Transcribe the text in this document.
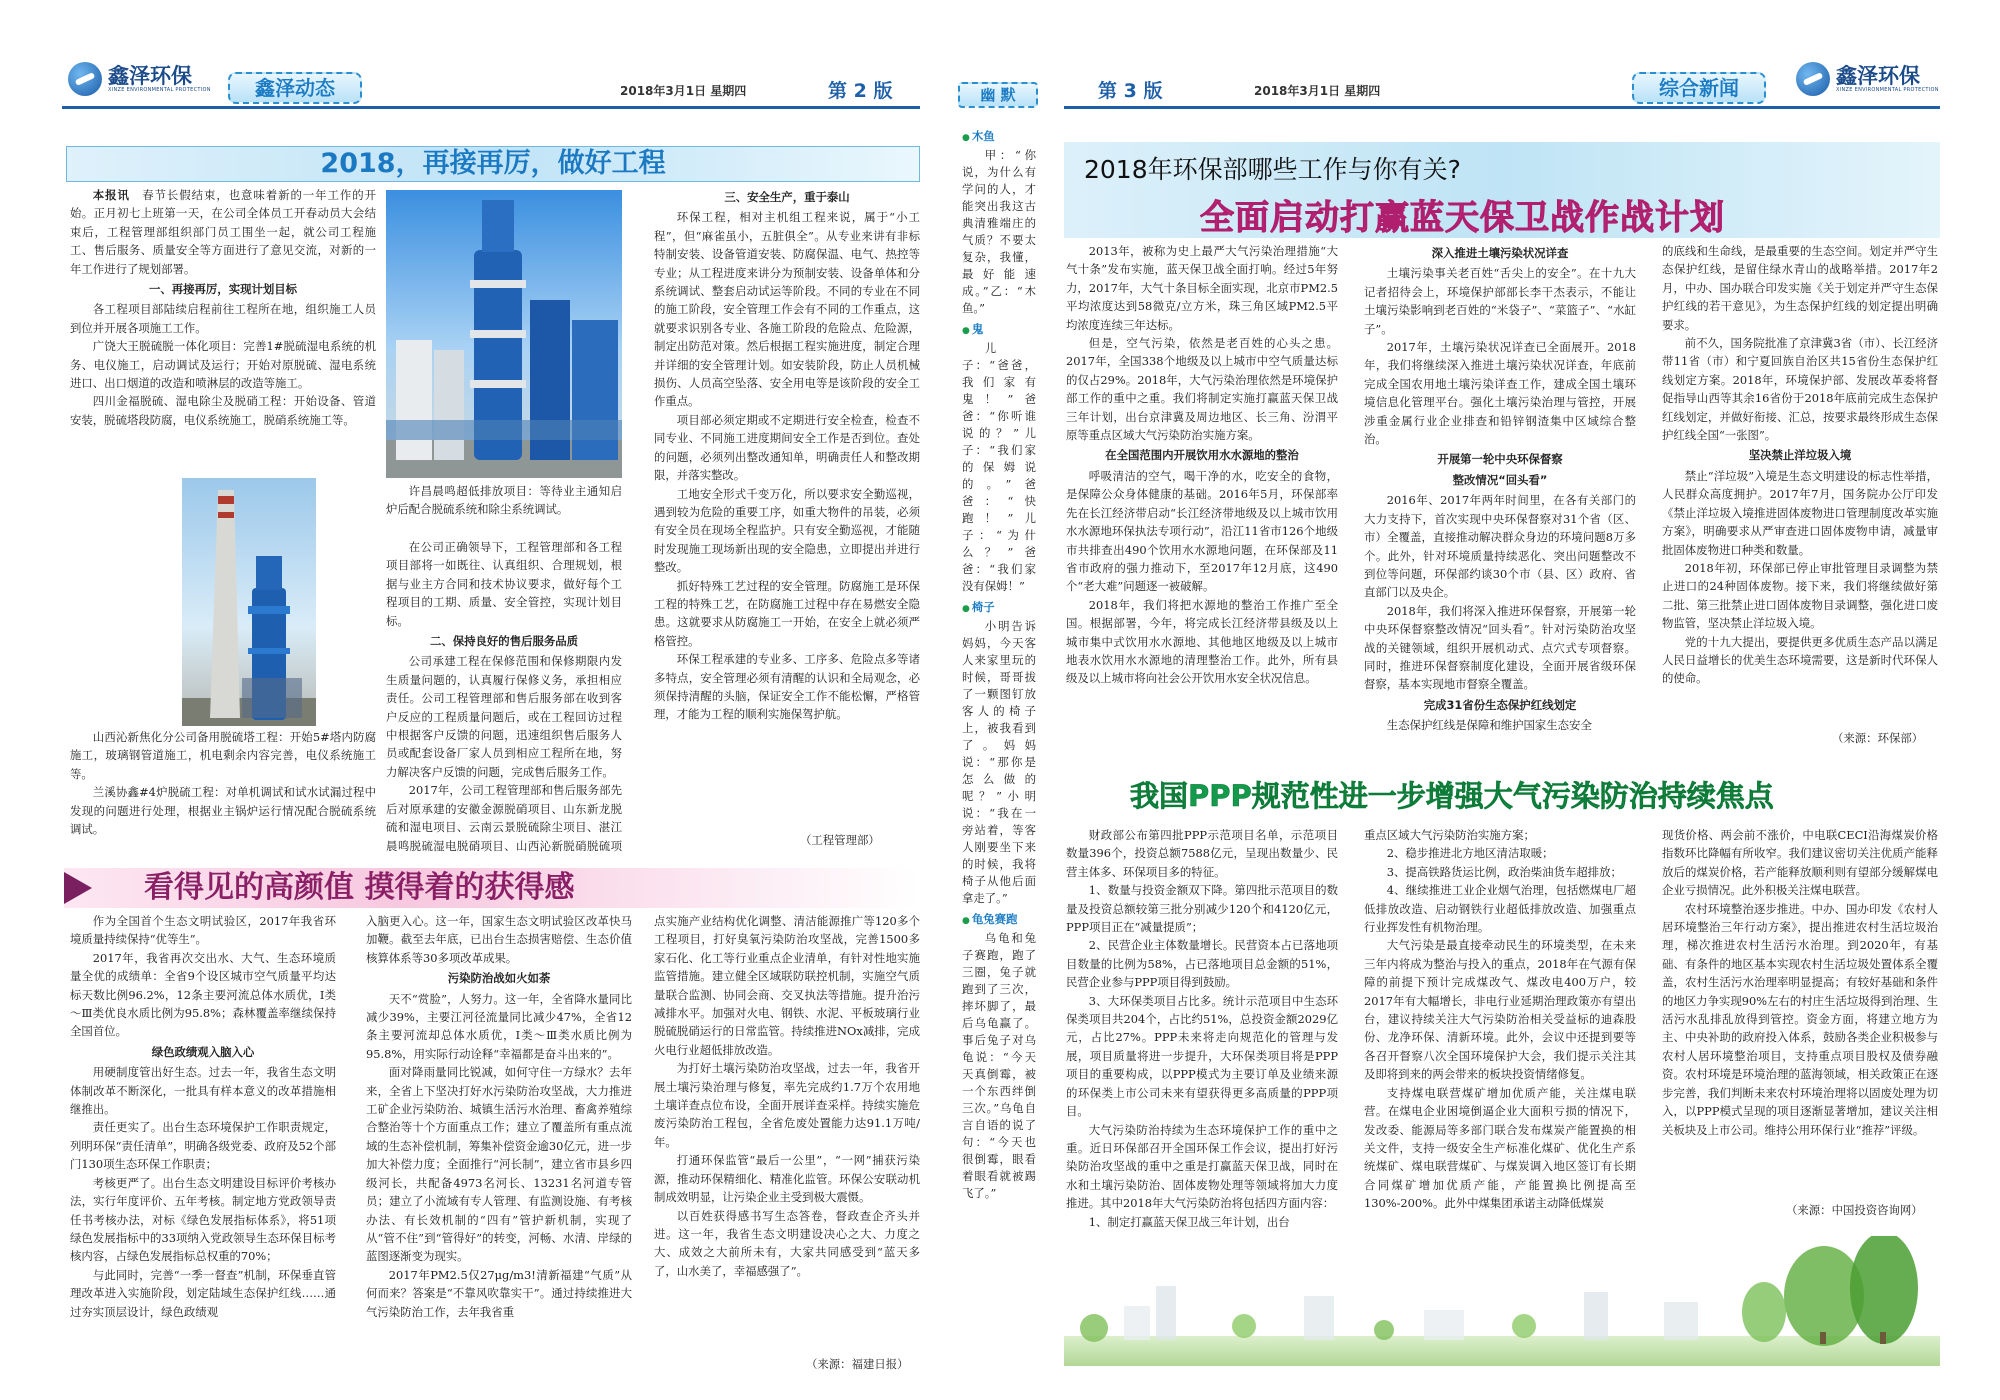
鑫泽环保
XINZE ENVIRONMENTAL PROTECTION	鑫泽动态	2018年3月1日 星期四	第 2 版
2018，再接再厉，做好工程

本报讯　 春节长假结束，也意味着新的一年工作的开始。正月初七上班第一天，在公司全体员工开春动员大会结束后，工程管理部组织部门员工围坐一起，就公司工程施工、售后服务、质量安全等方面进行了意见交流，对新的一年工作进行了规划部署。

一、再接再厉，实现计划目标

各工程项目部陆续启程前往工程所在地，组织施工人员到位并开展各项施工工作。

广饶大王脱硫脱一体化项目：完善1#脱硫湿电系统的机务、电仪施工，启动调试及运行；开始对原脱硫、湿电系统进口、出口烟道的改造和喷淋层的改造等施工。

四川金福脱硫、湿电除尘及脱硝工程：开始设备、管道安装，脱硫塔段防腐，电仪系统施工，脱硝系统施工等。

山西沁新焦化分公司备用脱硫塔工程：开始5#塔内防腐施工，玻璃钢管道施工，机电剩余内容完善，电仪系统施工等。

兰溪协鑫#4炉脱硫工程：对单机调试和试水试漏过程中发现的问题进行处理，根据业主锅炉运行情况配合脱硫系统调试。

许昌晨鸣超低排放项目：等待业主通知启炉后配合脱硫系统和除尘系统调试。

在公司正确领导下，工程管理部和各工程项目部将一如既往、认真组织、合理规划，根据与业主方合同和技术协议要求，做好每个工程项目的工期、质量、安全管控，实现计划目标。

二、保持良好的售后服务品质

公司承建工程在保修范围和保修期限内发生质量问题的，认真履行保修义务，承担相应责任。公司工程管理部和售后服务部在收到客户反应的工程质量问题后，或在工程回访过程中根据客户反馈的问题，迅速组织售后服务人员或配套设备厂家人员到相应工程所在地，努力解决客户反馈的问题，完成售后服务工作。

2017年，公司工程管理部和售后服务部先后对原承建的安徽金源脱硝项目、山东新龙脱硫和湿电项目、云南云景脱硫除尘项目、湛江晨鸣脱硫湿电脱硝项目、山西沁新脱硝脱硫项

三、安全生产，重于泰山

环保工程，相对主机组工程来说，属于“小工程”，但“麻雀虽小，五脏俱全”。从专业来讲有非标特制安装、设备管道安装、防腐保温、电气、热控等专业；从工程进度来讲分为预制安装、设备单体和分系统调试、整套启动试运等阶段。不同的专业在不同的施工阶段，安全管理工作会有不同的工作重点，这就要求识别各专业、各施工阶段的危险点、危险源，制定出防范对策。然后根据工程实施进度，制定合理并详细的安全管理计划。如安装阶段，防止人员机械损伤、人员高空坠落、安全用电等是该阶段的安全工作重点。

项目部必须定期或不定期进行安全检查，检查不同专业、不同施工进度期间安全工作是否到位。查处的问题，必须列出整改通知单，明确责任人和整改期限，并落实整改。

工地安全形式千变万化，所以要求安全勤巡视，遇到较为危险的重要工序，如重大物件的吊装，必须有安全员在现场全程监护。只有安全勤巡视，才能随时发现施工现场新出现的安全隐患，立即提出并进行整改。

抓好特殊工艺过程的安全管理。防腐施工是环保工程的特殊工艺，在防腐施工过程中存在易燃安全隐患。这就要求从防腐施工一开始，在安全上就必须严格管控。

环保工程承建的专业多、工序多、危险点多等诸多特点，安全管理必须有清醒的认识和全局观念，必须保持清醒的头脑，保证安全工作不能松懈，严格管理，才能为工程的顺利实施保驾护航。

（工程管理部）
看得见的高颜值 摸得着的获得感

作为全国首个生态文明试验区，2017年我省环境质量持续保持“优等生”。

2017年，我省再次交出水、大气、生态环境质量全优的成绩单：全省9个设区城市空气质量平均达标天数比例96.2%，12条主要河流总体水质优，Ⅰ类～Ⅲ类优良水质比例为95.8%；森林覆盖率继续保持全国首位。

绿色政绩观入脑入心

用硬制度管出好生态。过去一年，我省生态文明体制改革不断深化，一批具有样本意义的改革措施相继推出。

责任更实了。出台生态环境保护工作职责规定，列明环保“责任清单”，明确各级党委、政府及52个部门130项生态环保工作职责；

考核更严了。出台生态文明建设目标评价考核办法，实行年度评价、五年考核。制定地方党政领导责任书考核办法，对标《绿色发展指标体系》，将51项绿色发展指标中的33项纳入党政领导生态环保目标考核内容，占绿色发展指标总权重的70%；

与此同时，完善“一季一督查”机制，环保垂直管理改革进入实施阶段，划定陆域生态保护红线……通过夯实顶层设计，绿色政绩观

入脑更入心。这一年，国家生态文明试验区改革快马加鞭。截至去年底，已出台生态损害赔偿、生态价值核算体系等30多项改革成果。

污染防治战如火如荼

天不“赏脸”，人努力。这一年，全省降水量同比减少39%，主要江河径流量同比减少47%，全省12条主要河流却总体水质优，Ⅰ类～Ⅲ类水质比例为95.8%，用实际行动诠释“幸福都是奋斗出来的”。

面对降雨量同比锐减，如何守住一方绿水？去年来，全省上下坚决打好水污染防治攻坚战，大力推进工矿企业污染防治、城镇生活污水治理、畜禽养殖综合整治等十个方面重点工作；建立了覆盖所有重点流域的生态补偿机制，筹集补偿资金逾30亿元，进一步加大补偿力度；全面推行“河长制”，建立省市县乡四级河长，共配备4973名河长、13231名河道专管员；建立了小流域有专人管理、有监测设施、有考核办法、有长效机制的“四有”管护新机制，实现了从“管不住”到“管得好”的转变，河畅、水清、岸绿的蓝图逐渐变为现实。

2017年PM2.5仅27μg/m3!清新福建“气质”从何而来？答案是“不靠风吹靠实干”。通过持续推进大气污染防治工作，去年我省重

点实施产业结构优化调整、清洁能源推广等120多个工程项目，打好臭氧污染防治攻坚战，完善1500多家石化、化工等行业重点企业清单，有针对性地实施监管措施。建立健全区域联防联控机制，实施空气质量联合监测、协同会商、交叉执法等措施。提升治污减排水平。加强对火电、钢铁、水泥、平板玻璃行业脱硫脱硝运行的日常监管。持续推进NOx减排，完成火电行业超低排放改造。

为打好土壤污染防治攻坚战，过去一年，我省开展土壤污染治理与修复，率先完成约1.7万个农用地土壤详查点位布设，全面开展详查采样。持续实施危废污染防治工程包，全省危废处置能力达91.1万吨/年。

打通环保监管“最后一公里”，“一网”捕获污染源，推动环保精细化、精准化监管。环保公安联动机制成效明显，让污染企业主受到极大震慑。

以百姓获得感书写生态答卷，督政查企齐头并进。这一年，我省生态文明建设决心之大、力度之大、成效之大前所未有，大家共同感受到“蓝天多了，山水美了，幸福感强了”。

（来源：福建日报）
幽 默
● 木鱼
甲：“你说，为什么有学问的人，才能突出我这古典清雅端庄的气质？不要太复杂，我懂，最好能速成。”乙：“木鱼。”
● 鬼
儿子：“爸爸，我们家有鬼！”爸爸：“你听谁说的？”儿子：“我们家的保姆说的。”爸爸：“快跑！”儿子：“为什么？”爸爸：“我们家没有保姆！”
● 椅子
小明告诉妈妈，今天客人来家里玩的时候，哥哥拔了一颗图钉放客人的椅子上，被我看到了。妈妈说：“那你是怎么做的呢？”小明说：“我在一旁站着，等客人刚要坐下来的时候，我将椅子从他后面拿走了。”
● 龟兔赛跑
乌龟和兔子赛跑，跑了三圈，兔子就跑到了三次，摔坏脚了，最后乌龟赢了。事后兔子对乌龟说：“今天天真倒霉，被一个东西绊倒三次。”乌龟自言自语的说了句：“今天也很倒霉，眼看着眼看就被踢飞了。”
第 3 版	2018年3月1日 星期四	综合新闻	鑫泽环保
XINZE ENVIRONMENTAL PROTECTION
2018年环保部哪些工作与你有关?
全面启动打赢蓝天保卫战作战计划

2013年，被称为史上最严大气污染治理措施“大气十条”发布实施，蓝天保卫战全面打响。经过5年努力，2017年，大气十条目标全面实现，北京市PM2.5平均浓度达到58微克/立方米，珠三角区域PM2.5平均浓度连续三年达标。

但是，空气污染，依然是老百姓的心头之患。2017年，全国338个地级及以上城市中空气质量达标的仅占29%。2018年，大气污染治理依然是环境保护部工作的重中之重。我们将制定实施打赢蓝天保卫战三年计划，出台京津冀及周边地区、长三角、汾渭平原等重点区域大气污染防治实施方案。

在全国范围内开展饮用水水源地的整治

呼吸清洁的空气，喝干净的水，吃安全的食物，是保障公众身体健康的基础。2016年5月，环保部率先在长江经济带启动“长江经济带地级及以上城市饮用水水源地环保执法专项行动”，沿江11省市126个地级市共排查出490个饮用水水源地问题，在环保部及11省市政府的强力推动下，至2017年12月底，这490个“老大难”问题逐一被破解。

2018年，我们将把水源地的整治工作推广至全国。根据部署，今年，将完成长江经济带县级及以上城市集中式饮用水水源地、其他地区地级及以上城市地表水饮用水水源地的清理整治工作。此外，所有县级及以上城市将向社会公开饮用水安全状况信息。

深入推进土壤污染状况详查

土壤污染事关老百姓“舌尖上的安全”。在十九大记者招待会上，环境保护部部长李干杰表示，不能让土壤污染影响到老百姓的“米袋子”、“菜篮子”、“水缸子”。

2017年，土壤污染状况详查已全面展开。2018年，我们将继续深入推进土壤污染状况详查，年底前完成全国农用地土壤污染详查工作，建成全国土壤环境信息化管理平台。强化土壤污染治理与管控，开展涉重金属行业企业排查和铅锌钢渣集中区域综合整治。

开展第一轮中央环保督察
整改情况“回头看”

2016年、2017年两年时间里，在各有关部门的大力支持下，首次实现中央环保督察对31个省（区、市）全覆盖，直接推动解决群众身边的环境问题8万多个。此外，针对环境质量持续恶化、突出问题整改不到位等问题，环保部约谈30个市（县、区）政府、省直部门以及央企。

2018年，我们将深入推进环保督察，开展第一轮中央环保督察整改情况“回头看”。针对污染防治攻坚战的关键领域，组织开展机动式、点穴式专项督察。同时，推进环保督察制度化建设，全面开展省级环保督察，基本实现地市督察全覆盖。

完成31省份生态保护红线划定

生态保护红线是保障和维护国家生态安全

的底线和生命线，是最重要的生态空间。划定并严守生态保护红线，是留住绿水青山的战略举措。2017年2月，中办、国办联合印发实施《关于划定并严守生态保护红线的若干意见》，为生态保护红线的划定提出明确要求。

前不久，国务院批准了京津冀3省（市）、长江经济带11省（市）和宁夏回族自治区共15省份生态保护红线划定方案。2018年，环境保护部、发展改革委将督促指导山西等其余16省份于2018年底前完成生态保护红线划定，并做好衔接、汇总，按要求最终形成生态保护红线全国“一张图”。

坚决禁止洋垃圾入境

禁止“洋垃圾”入境是生态文明建设的标志性举措，人民群众高度拥护。2017年7月，国务院办公厅印发《禁止洋垃圾入境推进固体废物进口管理制度改革实施方案》，明确要求从严审查进口固体废物申请，减量审批固体废物进口种类和数量。

2018年初，环保部已停止审批管理目录调整为禁止进口的24种固体废物。接下来，我们将继续做好第二批、第三批禁止进口固体废物目录调整，强化进口废物监管，坚决禁止洋垃圾入境。

党的十九大提出，要提供更多优质生态产品以满足人民日益增长的优美生态环境需要，这是新时代环保人的使命。

（来源：环保部）
我国PPP规范性进一步增强大气污染防治持续焦点

财政部公布第四批PPP示范项目名单，示范项目数量396个，投资总额7588亿元，呈现出数量少、民营主体多、环保项目多的特征。

1、数量与投资金额双下降。第四批示范项目的数量及投资总额较第三批分别减少120个和4120亿元，PPP项目正在“减量提质”；

2、民营企业主体数量增长。民营资本占已落地项目数量的比例为58%，占已落地项目总金额的51%，民营企业参与PPP项目得到鼓励。

3、大环保类项目占比多。统计示范项目中生态环保类项目共204个，占比约51%，总投资金额2029亿元，占比27%。PPP未来将走向规范化的管理与发展，项目质量将进一步提升，大环保类项目将是PPP项目的重要构成，以PPP模式为主要订单及业绩来源的环保类上市公司未来有望获得更多高质量的PPP项目。

大气污染防治持续为生态环境保护工作的重中之重。近日环保部召开全国环保工作会议，提出打好污染防治攻坚战的重中之重是打赢蓝天保卫战，同时在水和土壤污染防治、固体废物处理等领域将加大力度推进。其中2018年大气污染防治将包括四方面内容：

1、制定打赢蓝天保卫战三年计划，出台

重点区域大气污染防治实施方案；

2、稳步推进北方地区清洁取暖；

3、提高铁路货运比例，政治柴油货车超排放；

4、继续推进工业企业烟气治理，包括燃煤电厂超低排放改造、启动钢铁行业超低排放改造、加强重点行业挥发性有机物治理。

大气污染是最直接牵动民生的环境类型，在未来三年内将成为整治与投入的重点，2018年在气源有保障的前提下预计完成煤改气、煤改电400万户，较2017年有大幅增长，非电行业延期治理政策亦有望出台，建议持续关注大气污染防治相关受益标的迪森股份、龙净环保、清新环境。此外，会议中还提到要等各召开督察八次全国环境保护大会，我们提示关注其及即将到来的两会带来的板块投资情绪修复。

支持煤电联营煤矿增加优质产能，关注煤电联营。在煤电企业困境倒逼企业大面积亏损的情况下，发改委、能源局等多部门联合发布煤炭产能置换的相关文件，支持一级安全生产标准化煤矿、优化生产系统煤矿、煤电联营煤矿、与煤炭调入地区签订有长期合同煤矿增加优质产能，产能置换比例提高至130%-200%。此外中煤集团承诺主动降低煤炭

现货价格、两会前不涨价，中电联CECI沿海煤炭价格指数环比降幅有所收窄。我们建议密切关注优质产能释放后的煤炭价格，若产能释放顺利则有望部分缓解煤电企业亏损情况。此外积极关注煤电联营。

农村环境整治逐步推进。中办、国办印发《农村人居环境整治三年行动方案》，提出推进农村生活垃圾治理，梯次推进农村生活污水治理。到2020年，有基础、有条件的地区基本实现农村生活垃圾处置体系全覆盖，农村生活污水治理率明显提高；有较好基础和条件的地区力争实现90%左右的村庄生活垃圾得到治理、生活污水乱排乱放得到管控。资金方面，将建立地方为主、中央补助的政府投入体系，鼓励各类企业积极参与农村人居环境整治项目，支持重点项目股权及债券融资。农村环境是环境治理的蓝海领域，相关政策正在逐步完善，我们判断未来农村环境治理将以固废处理为切入，以PPP模式呈现的项目逐渐显著增加，建议关注相关板块及上市公司。维持公用环保行业“推荐”评级。

（来源：中国投资咨询网）
